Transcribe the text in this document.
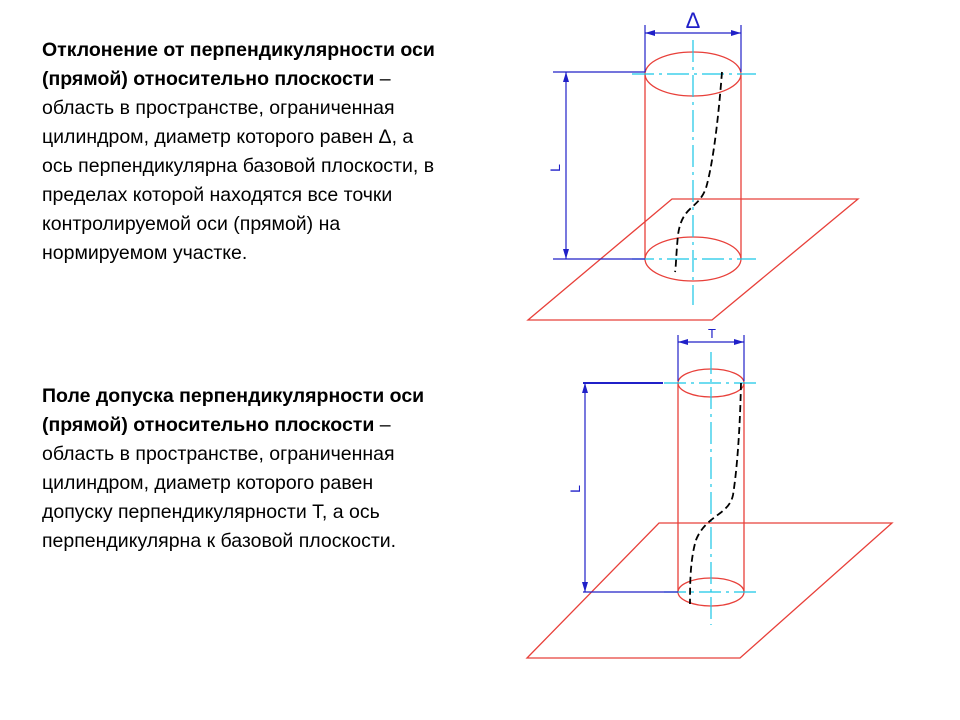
Отклонение от перпендикулярности оси (прямой) относительно плоскости – область в пространстве, ограниченная цилиндром, диаметр которого равен Δ, а ось перпендикулярна базовой плоскости, в пределах которой находятся все точки контролируемой оси (прямой) на нормируемом участке.
Поле допуска перпендикулярности оси (прямой) относительно плоскости – область в пространстве, ограниченная цилиндром, диаметр которого равен допуску перпендикулярности Т, а ось перпендикулярна к базовой плоскости.
Δ
L
T
L
